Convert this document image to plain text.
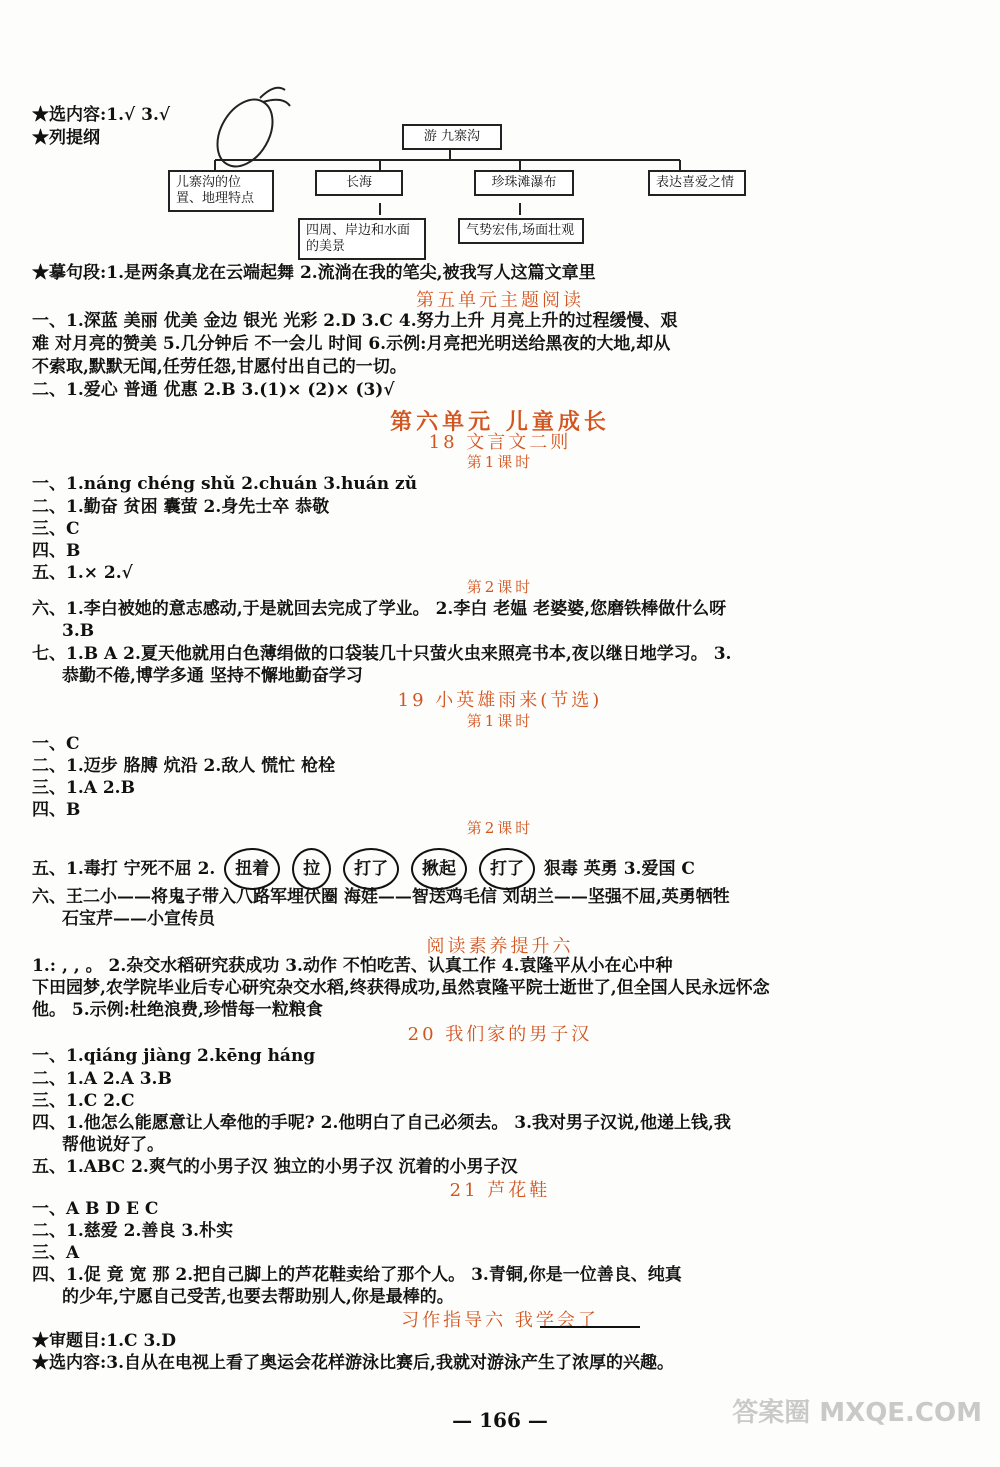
★选内容:1.√ 3.√
★列提纲	游 九寨沟
儿寨沟的位置、地理特点
长海	珍珠滩瀑布	表达喜爱之情
四周、岸边和水面的美景
气势宏伟,场面壮观
★摹句段:1.是两条真龙在云端起舞 2.流淌在我的笔尖,被我写人这篇文章里
第五单元主题阅读
一、1.深蓝 美丽 优美 金边 银光 光彩 2.D 3.C 4.努力上升 月亮上升的过程缓慢、艰
难 对月亮的赞美 5.几分钟后 不一会儿 时间 6.示例:月亮把光明送给黑夜的大地,却从
不索取,默默无闻,任劳任怨,甘愿付出自己的一切。
二、1.爱心 普通 优惠 2.B 3.(1)× (2)× (3)√
第六单元 儿童成长
18 文言文二则
第1课时
一、1.náng chéng shǔ 2.chuán 3.huán zǔ
二、1.勤奋 贫困 囊萤 2.身先士卒 恭敬
三、C
四、B
五、1.× 2.√
第2课时
六、1.李白被她的意志感动,于是就回去完成了学业。 2.李白 老媪 老婆婆,您磨铁棒做什么呀
3.B
七、1.B A 2.夏天他就用白色薄绢做的口袋装几十只萤火虫来照亮书本,夜以继日地学习。 3.
恭勤不倦,博学多通 坚持不懈地勤奋学习
19 小英雄雨来(节选)
第1课时
一、C
二、1.迈步 胳膊 炕沿 2.敌人 慌忙 枪栓
三、1.A 2.B
四、B
第2课时
五、1.毒打 宁死不屈 2. 扭着 拉 打了 揪起 打了 狠毒 英勇 3.爱国 C
六、王二小——将鬼子带入八路军埋伏圈 海娃——智送鸡毛信 刘胡兰——坚强不屈,英勇牺牲
石宝芹——小宣传员
阅读素养提升六
1.: , , 。 2.杂交水稻研究获成功 3.动作 不怕吃苦、认真工作 4.袁隆平从小在心中种
下田园梦,农学院毕业后专心研究杂交水稻,终获得成功,虽然袁隆平院士逝世了,但全国人民永远怀念
他。 5.示例:杜绝浪费,珍惜每一粒粮食
20 我们家的男子汉
一、1.qiáng jiàng 2.kēng háng
二、1.A 2.A 3.B
三、1.C 2.C
四、1.他怎么能愿意让人牵他的手呢? 2.他明白了自己必须去。 3.我对男子汉说,他递上钱,我
帮他说好了。
五、1.ABC 2.爽气的小男子汉 独立的小男子汉 沉着的小男子汉
21 芦花鞋
一、A B D E C
二、1.慈爱 2.善良 3.朴实
三、A
四、1.促 竟 宽 那 2.把自己脚上的芦花鞋卖给了那个人。 3.青铜,你是一位善良、纯真
的少年,宁愿自己受苦,也要去帮助别人,你是最棒的。
习作指导六 我学会了
★审题目:1.C 3.D
★选内容:3.自从在电视上看了奥运会花样游泳比赛后,我就对游泳产生了浓厚的兴趣。
— 166 —	答案圈 MXQE.COM
